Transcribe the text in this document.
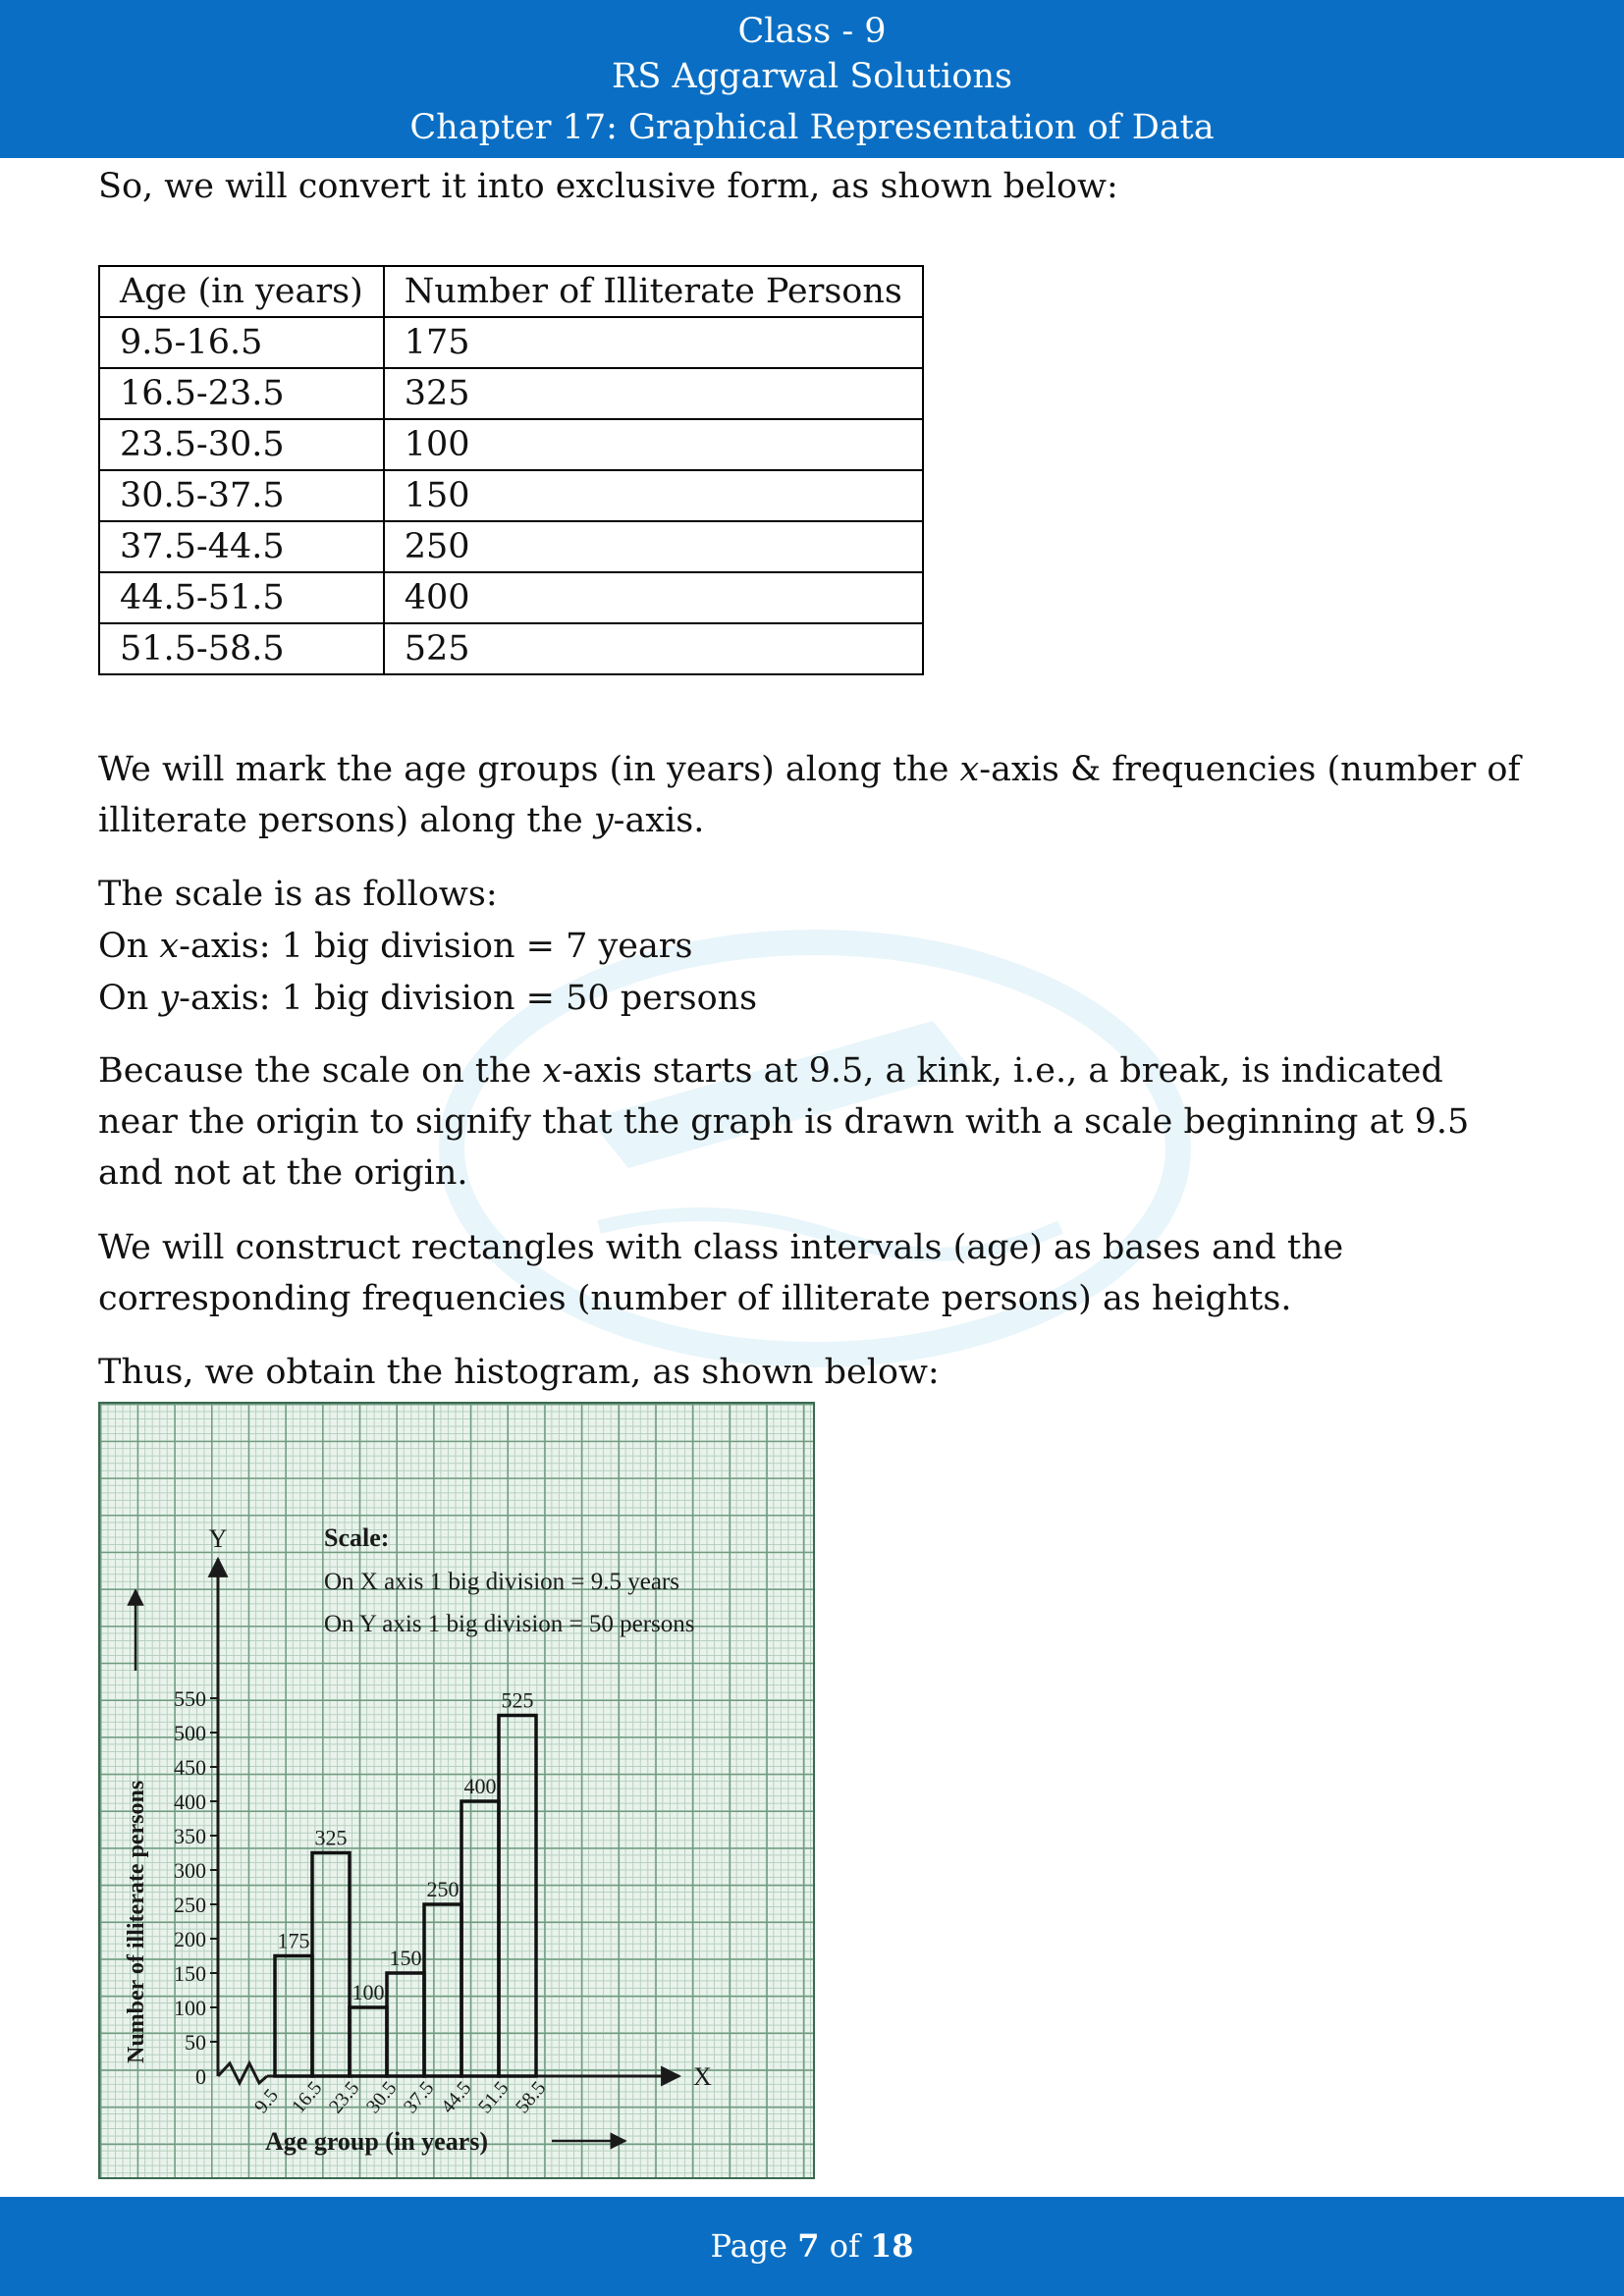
Class - 9
RS Aggarwal Solutions
Chapter 17: Graphical Representation of Data

So, we will convert it into exclusive form, as shown below:

Age (in years)	Number of Illiterate Persons
9.5-16.5	175
16.5-23.5	325
23.5-30.5	100
30.5-37.5	150
37.5-44.5	250
44.5-51.5	400
51.5-58.5	525

We will mark the age groups (in years) along the x-axis & frequencies (number of illiterate persons) along the y-axis.

The scale is as follows:

On x-axis: 1 big division = 7 years

On y-axis: 1 big division = 50 persons

Because the scale on the x-axis starts at 9.5, a kink, i.e., a break, is indicated near the origin to signify that the graph is drawn with a scale beginning at 9.5 and not at the origin.

We will construct rectangles with class intervals (age) as bases and the corresponding frequencies (number of illiterate persons) as heights.

Thus, we obtain the histogram, as shown below:

Y
X
Number of illiterate persons
Age group (in years)
Scale:
On X axis 1 big division = 9.5 years
On Y axis 1 big division = 50 persons
0
50
100
150
200
250
300
350
400
450
500
550
9.5 16.5
23.5
30.5
37.5
44.5
51.5
58.5
175
325
100
150
250
400
525
Page 7 of 18
